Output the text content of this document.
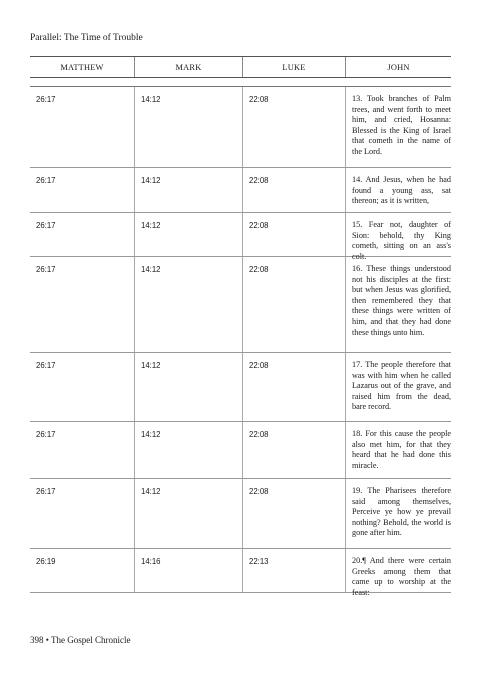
Parallel: The Time of Trouble
MATTHEW	MARK	LUKE	JOHN
26:17	14:12	22:08	13. Took branches of Palm trees, and went forth to meet him, and cried, Hosanna: Blessed is the King of Israel that cometh in the name of the Lord.
26:17	14:12	22:08	14. And Jesus, when he had found a young ass, sat thereon; as it is written,
26:17	14:12	22:08	15. Fear not, daughter of Sion: behold, thy King cometh, sitting on an ass's colt.
26:17	14:12	22:08	16. These things understood not his disciples at the first: but when Jesus was glorified, then remembered they that these things were written of him, and that they had done these things unto him.
26:17	14:12	22:08	17. The people therefore that was with him when he called Lazarus out of the grave, and raised him from the dead, bare record.
26:17	14:12	22:08	18. For this cause the people also met him, for that they heard that he had done this miracle.
26:17	14:12	22:08	19. The Pharisees therefore said among themselves, Perceive ye how ye prevail nothing? Behold, the world is gone after him.
26:19	14:16	22:13	20.¶ And there were certain Greeks among them that came up to worship at the feast:
398 • The Gospel Chronicle
